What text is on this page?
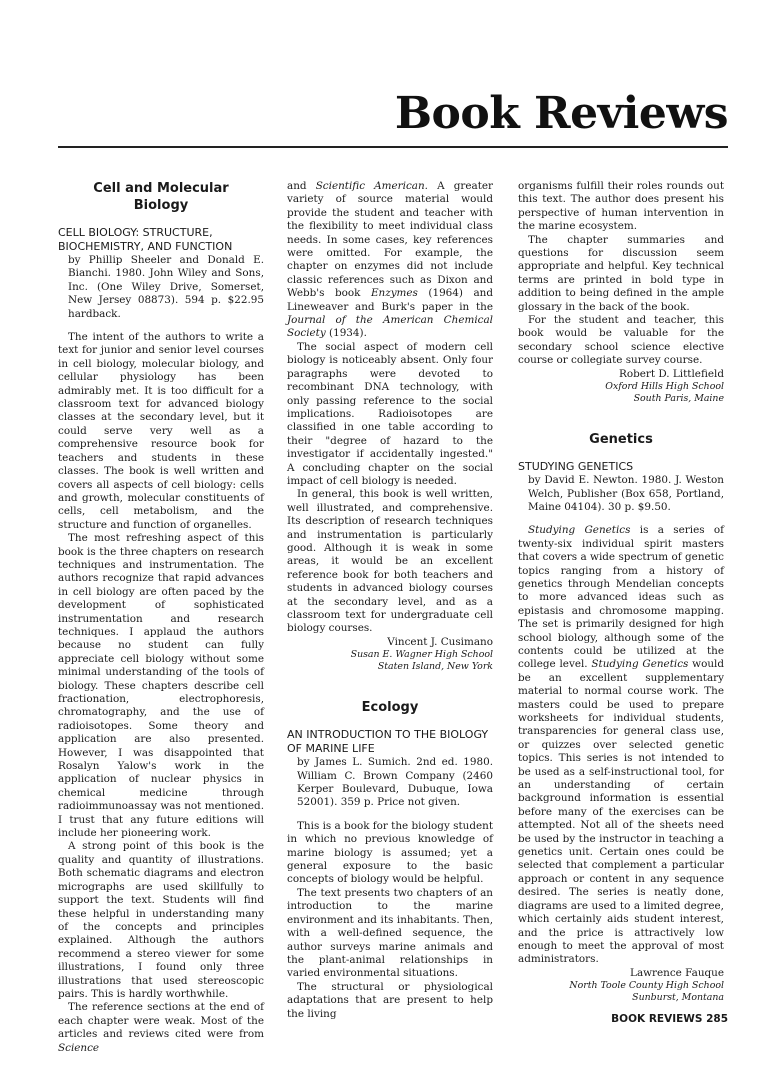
Book Reviews

Cell and Molecular Biology

CELL BIOLOGY: STRUCTURE, BIOCHEMISTRY, AND FUNCTION

by Phillip Sheeler and Donald E. Bianchi. 1980. John Wiley and Sons, Inc. (One Wiley Drive, Somerset, New Jersey 08873). 594 p. $22.95 hardback.

The intent of the authors to write a text for junior and senior level courses in cell biology, molecular biology, and cellular physiology has been admirably met. It is too difficult for a classroom text for advanced biology classes at the secondary level, but it could serve very well as a comprehensive resource book for teachers and students in these classes. The book is well written and covers all aspects of cell biology: cells and growth, molecular constituents of cells, cell metabolism, and the structure and function of organelles.

The most refreshing aspect of this book is the three chapters on research techniques and instrumentation. The authors recognize that rapid advances in cell biology are often paced by the development of sophisticated instrumentation and research techniques. I applaud the authors because no student can fully appreciate cell biology without some minimal understanding of the tools of biology. These chapters describe cell fractionation, electrophoresis, chromatography, and the use of radioisotopes. Some theory and application are also presented. However, I was disappointed that Rosalyn Yalow's work in the application of nuclear physics in chemical medicine through radioimmunoassay was not mentioned. I trust that any future editions will include her pioneering work.

A strong point of this book is the quality and quantity of illustrations. Both schematic diagrams and electron micrographs are used skillfully to support the text. Students will find these helpful in understanding many of the concepts and principles explained. Although the authors recommend a stereo viewer for some illustrations, I found only three illustrations that used stereoscopic pairs. This is hardly worthwhile.

The reference sections at the end of each chapter were weak. Most of the articles and reviews cited were from Science

and Scientific American. A greater variety of source material would provide the student and teacher with the flexibility to meet individual class needs. In some cases, key references were omitted. For example, the chapter on enzymes did not include classic references such as Dixon and Webb's book Enzymes (1964) and Lineweaver and Burk's paper in the Journal of the American Chemical Society (1934).

The social aspect of modern cell biology is noticeably absent. Only four paragraphs were devoted to recombinant DNA technology, with only passing reference to the social implications. Radioisotopes are classified in one table according to their "degree of hazard to the investigator if accidentally ingested." A concluding chapter on the social impact of cell biology is needed.

In general, this book is well written, well illustrated, and comprehensive. Its description of research techniques and instrumentation is particularly good. Although it is weak in some areas, it would be an excellent reference book for both teachers and students in advanced biology courses at the secondary level, and as a classroom text for undergraduate cell biology courses.

Vincent J. Cusimano

Susan E. Wagner High School

Staten Island, New York

Ecology

AN INTRODUCTION TO THE BIOLOGY OF MARINE LIFE

by James L. Sumich. 2nd ed. 1980. William C. Brown Company (2460 Kerper Boulevard, Dubuque, Iowa 52001). 359 p. Price not given.

This is a book for the biology student in which no previous knowledge of marine biology is assumed; yet a general exposure to the basic concepts of biology would be helpful.

The text presents two chapters of an introduction to the marine environment and its inhabitants. Then, with a well-defined sequence, the author surveys marine animals and the plant-animal relationships in varied environmental situations.

The structural or physiological adaptations that are present to help the living

organisms fulfill their roles rounds out this text. The author does present his perspective of human intervention in the marine ecosystem.

The chapter summaries and questions for discussion seem appropriate and helpful. Key technical terms are printed in bold type in addition to being defined in the ample glossary in the back of the book.

For the student and teacher, this book would be valuable for the secondary school science elective course or collegiate survey course.

Robert D. Littlefield

Oxford Hills High School

South Paris, Maine

Genetics

STUDYING GENETICS

by David E. Newton. 1980. J. Weston Welch, Publisher (Box 658, Portland, Maine 04104). 30 p. $9.50.

Studying Genetics is a series of twenty-six individual spirit masters that covers a wide spectrum of genetic topics ranging from a history of genetics through Mendelian concepts to more advanced ideas such as epistasis and chromosome mapping. The set is primarily designed for high school biology, although some of the contents could be utilized at the college level. Studying Genetics would be an excellent supplementary material to normal course work. The masters could be used to prepare worksheets for individual students, transparencies for general class use, or quizzes over selected genetic topics. This series is not intended to be used as a self-instructional tool, for an understanding of certain background information is essential before many of the exercises can be attempted. Not all of the sheets need be used by the instructor in teaching a genetics unit. Certain ones could be selected that complement a particular approach or content in any sequence desired. The series is neatly done, diagrams are used to a limited degree, which certainly aids student interest, and the price is attractively low enough to meet the approval of most administrators.

Lawrence Fauque

North Toole County High School

Sunburst, Montana

BOOK REVIEWS 285
